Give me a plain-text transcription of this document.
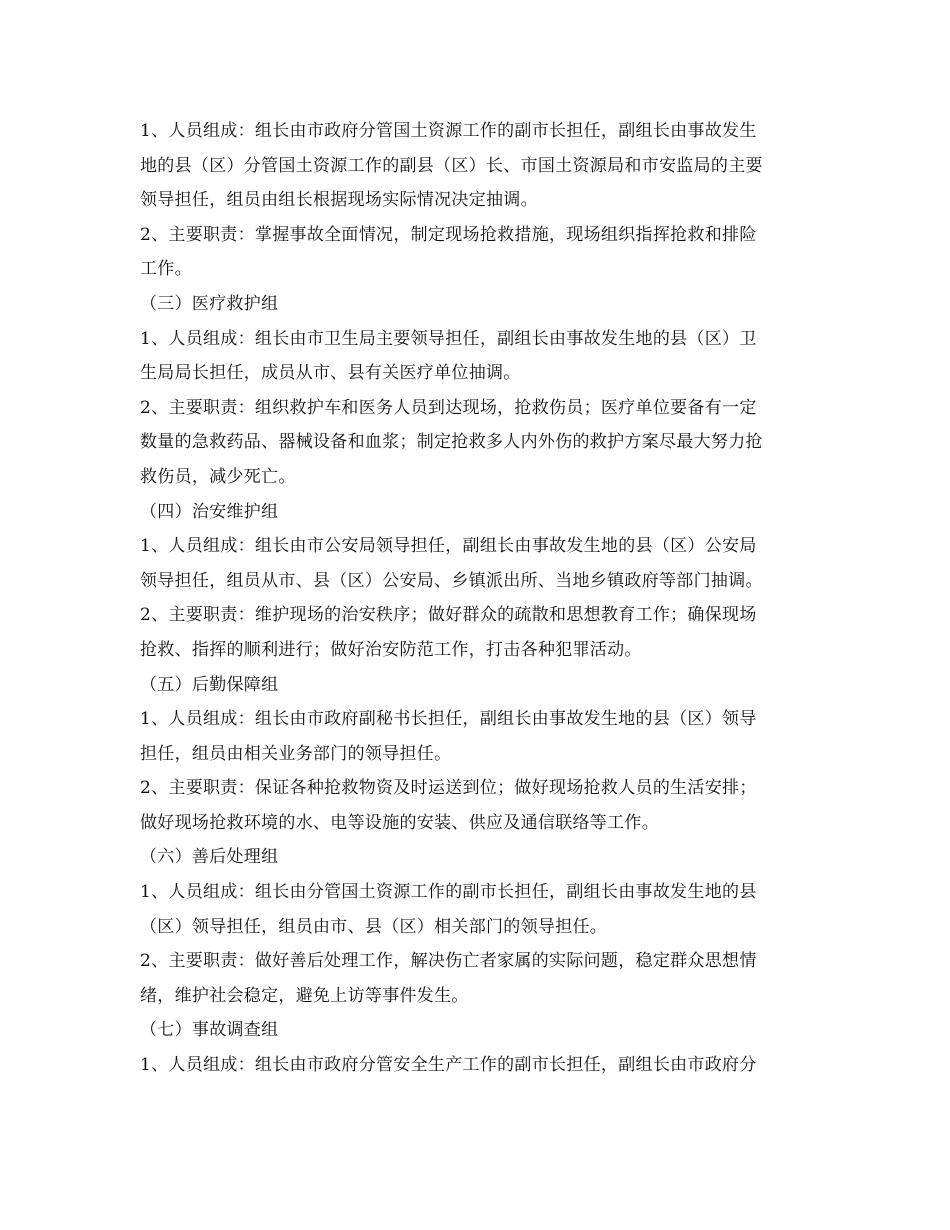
1、人员组成：组长由市政府分管国土资源工作的副市长担任，副组长由事故发生
地的县（区）分管国土资源工作的副县（区）长、市国土资源局和市安监局的主要
领导担任，组员由组长根据现场实际情况决定抽调。
2、主要职责：掌握事故全面情况，制定现场抢救措施，现场组织指挥抢救和排险
工作。
（三）医疗救护组
1、人员组成：组长由市卫生局主要领导担任，副组长由事故发生地的县（区）卫
生局局长担任，成员从市、县有关医疗单位抽调。
2、主要职责：组织救护车和医务人员到达现场，抢救伤员；医疗单位要备有一定
数量的急救药品、器械设备和血浆；制定抢救多人内外伤的救护方案尽最大努力抢
救伤员，减少死亡。
（四）治安维护组
1、人员组成：组长由市公安局领导担任，副组长由事故发生地的县（区）公安局
领导担任，组员从市、县（区）公安局、乡镇派出所、当地乡镇政府等部门抽调。
2、主要职责：维护现场的治安秩序；做好群众的疏散和思想教育工作；确保现场
抢救、指挥的顺利进行；做好治安防范工作，打击各种犯罪活动。
（五）后勤保障组
1、人员组成：组长由市政府副秘书长担任，副组长由事故发生地的县（区）领导
担任，组员由相关业务部门的领导担任。
2、主要职责：保证各种抢救物资及时运送到位；做好现场抢救人员的生活安排；
做好现场抢救环境的水、电等设施的安装、供应及通信联络等工作。
（六）善后处理组
1、人员组成：组长由分管国土资源工作的副市长担任，副组长由事故发生地的县
（区）领导担任，组员由市、县（区）相关部门的领导担任。
2、主要职责：做好善后处理工作，解决伤亡者家属的实际问题，稳定群众思想情
绪，维护社会稳定，避免上访等事件发生。
（七）事故调查组
1、人员组成：组长由市政府分管安全生产工作的副市长担任，副组长由市政府分
